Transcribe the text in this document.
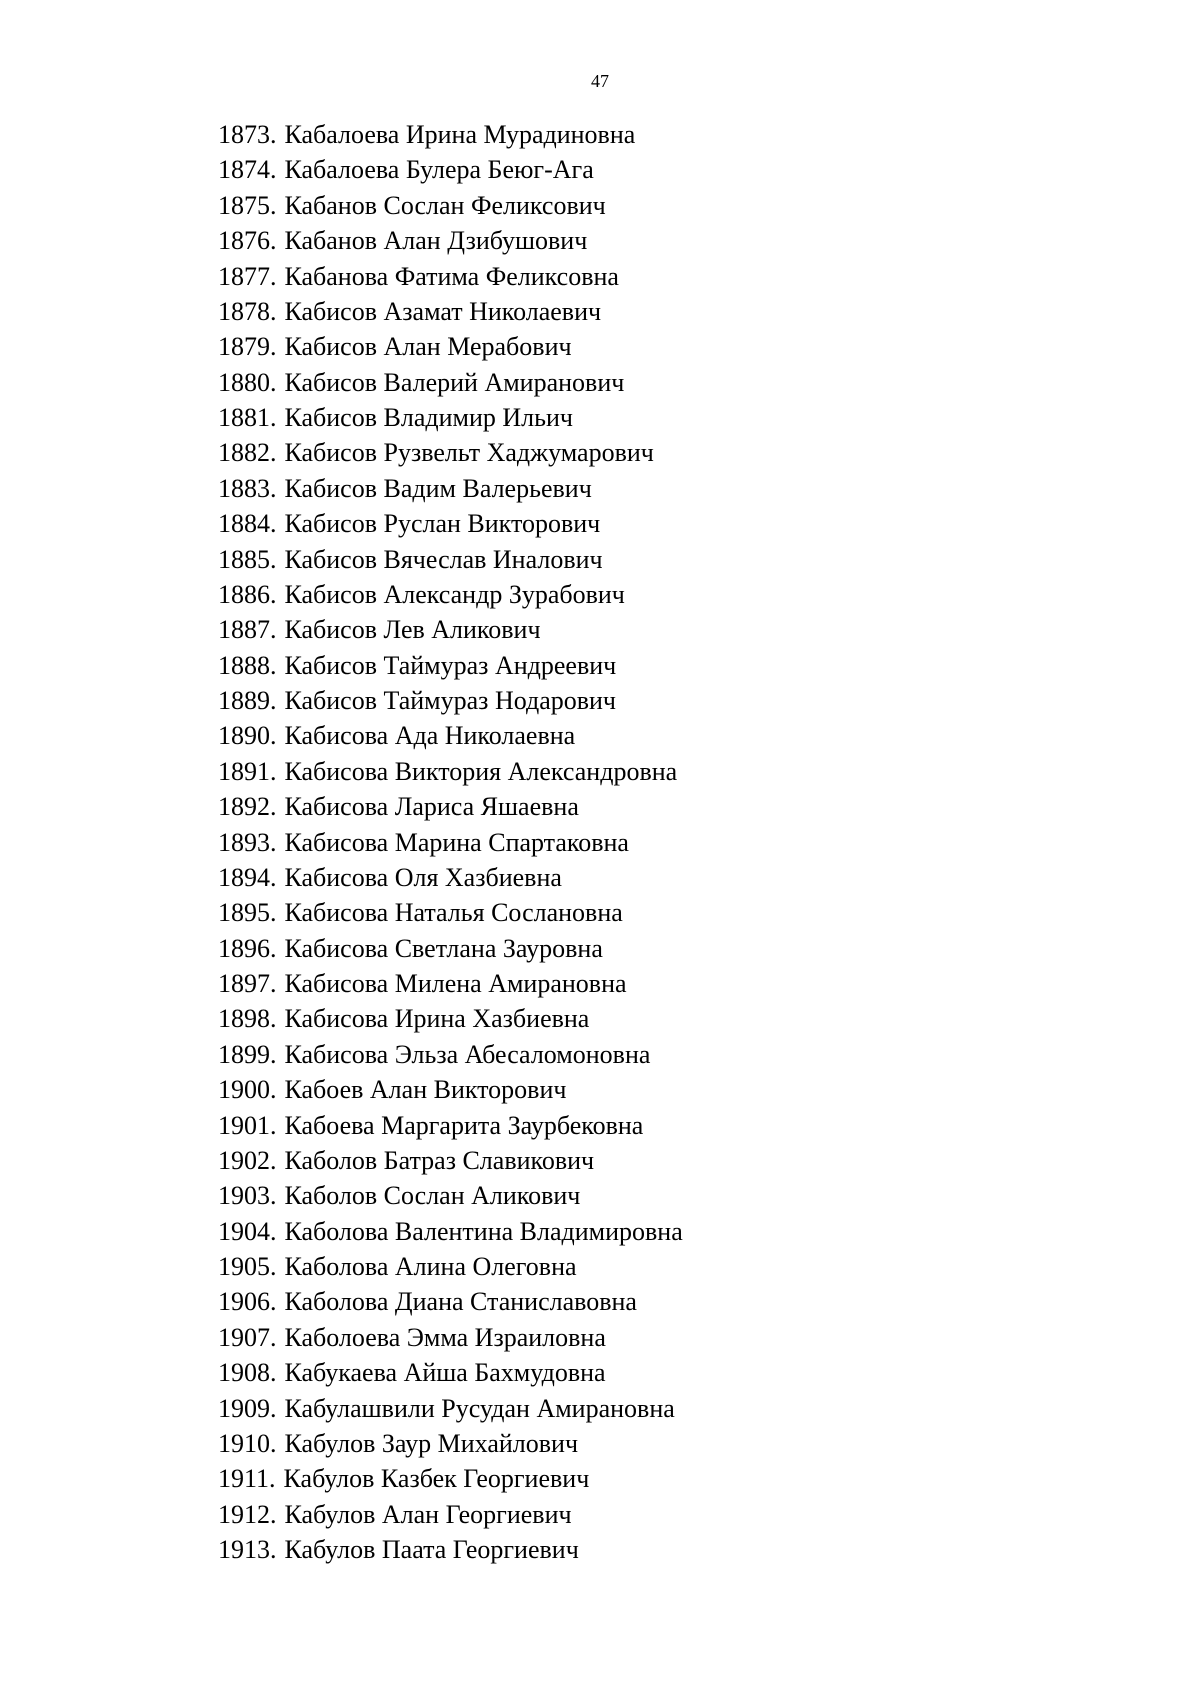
47
1873. Кабалоева Ирина Мурадиновна
1874. Кабалоева Булера Беюг-Ага
1875. Кабанов Сослан Феликсович
1876. Кабанов Алан Дзибушович
1877. Кабанова Фатима Феликсовна
1878. Кабисов Азамат Николаевич
1879. Кабисов Алан Мерабович
1880. Кабисов Валерий Амиранович
1881. Кабисов Владимир Ильич
1882. Кабисов Рузвельт Хаджумарович
1883. Кабисов Вадим Валерьевич
1884. Кабисов Руслан Викторович
1885. Кабисов Вячеслав Иналович
1886. Кабисов Александр Зурабович
1887. Кабисов Лев Аликович
1888. Кабисов Таймураз Андреевич
1889. Кабисов Таймураз Нодарович
1890. Кабисова Ада Николаевна
1891. Кабисова Виктория Александровна
1892. Кабисова Лариса Яшаевна
1893. Кабисова Марина Спартаковна
1894. Кабисова Оля Хазбиевна
1895. Кабисова Наталья Сослановна
1896. Кабисова Светлана Зауровна
1897. Кабисова Милена Амирановна
1898. Кабисова Ирина Хазбиевна
1899. Кабисова Эльза Абесаломоновна
1900. Кабоев Алан Викторович
1901. Кабоева Маргарита Заурбековна
1902. Каболов Батраз Славикович
1903. Каболов Сослан Аликович
1904. Каболова Валентина Владимировна
1905. Каболова Алина Олеговна
1906. Каболова Диана Станиславовна
1907. Каболоева Эмма Израиловна
1908. Кабукаева Айша Бахмудовна
1909. Кабулашвили Русудан Амирановна
1910. Кабулов Заур Михайлович
1911. Кабулов Казбек Георгиевич
1912. Кабулов Алан Георгиевич
1913. Кабулов Паата Георгиевич
